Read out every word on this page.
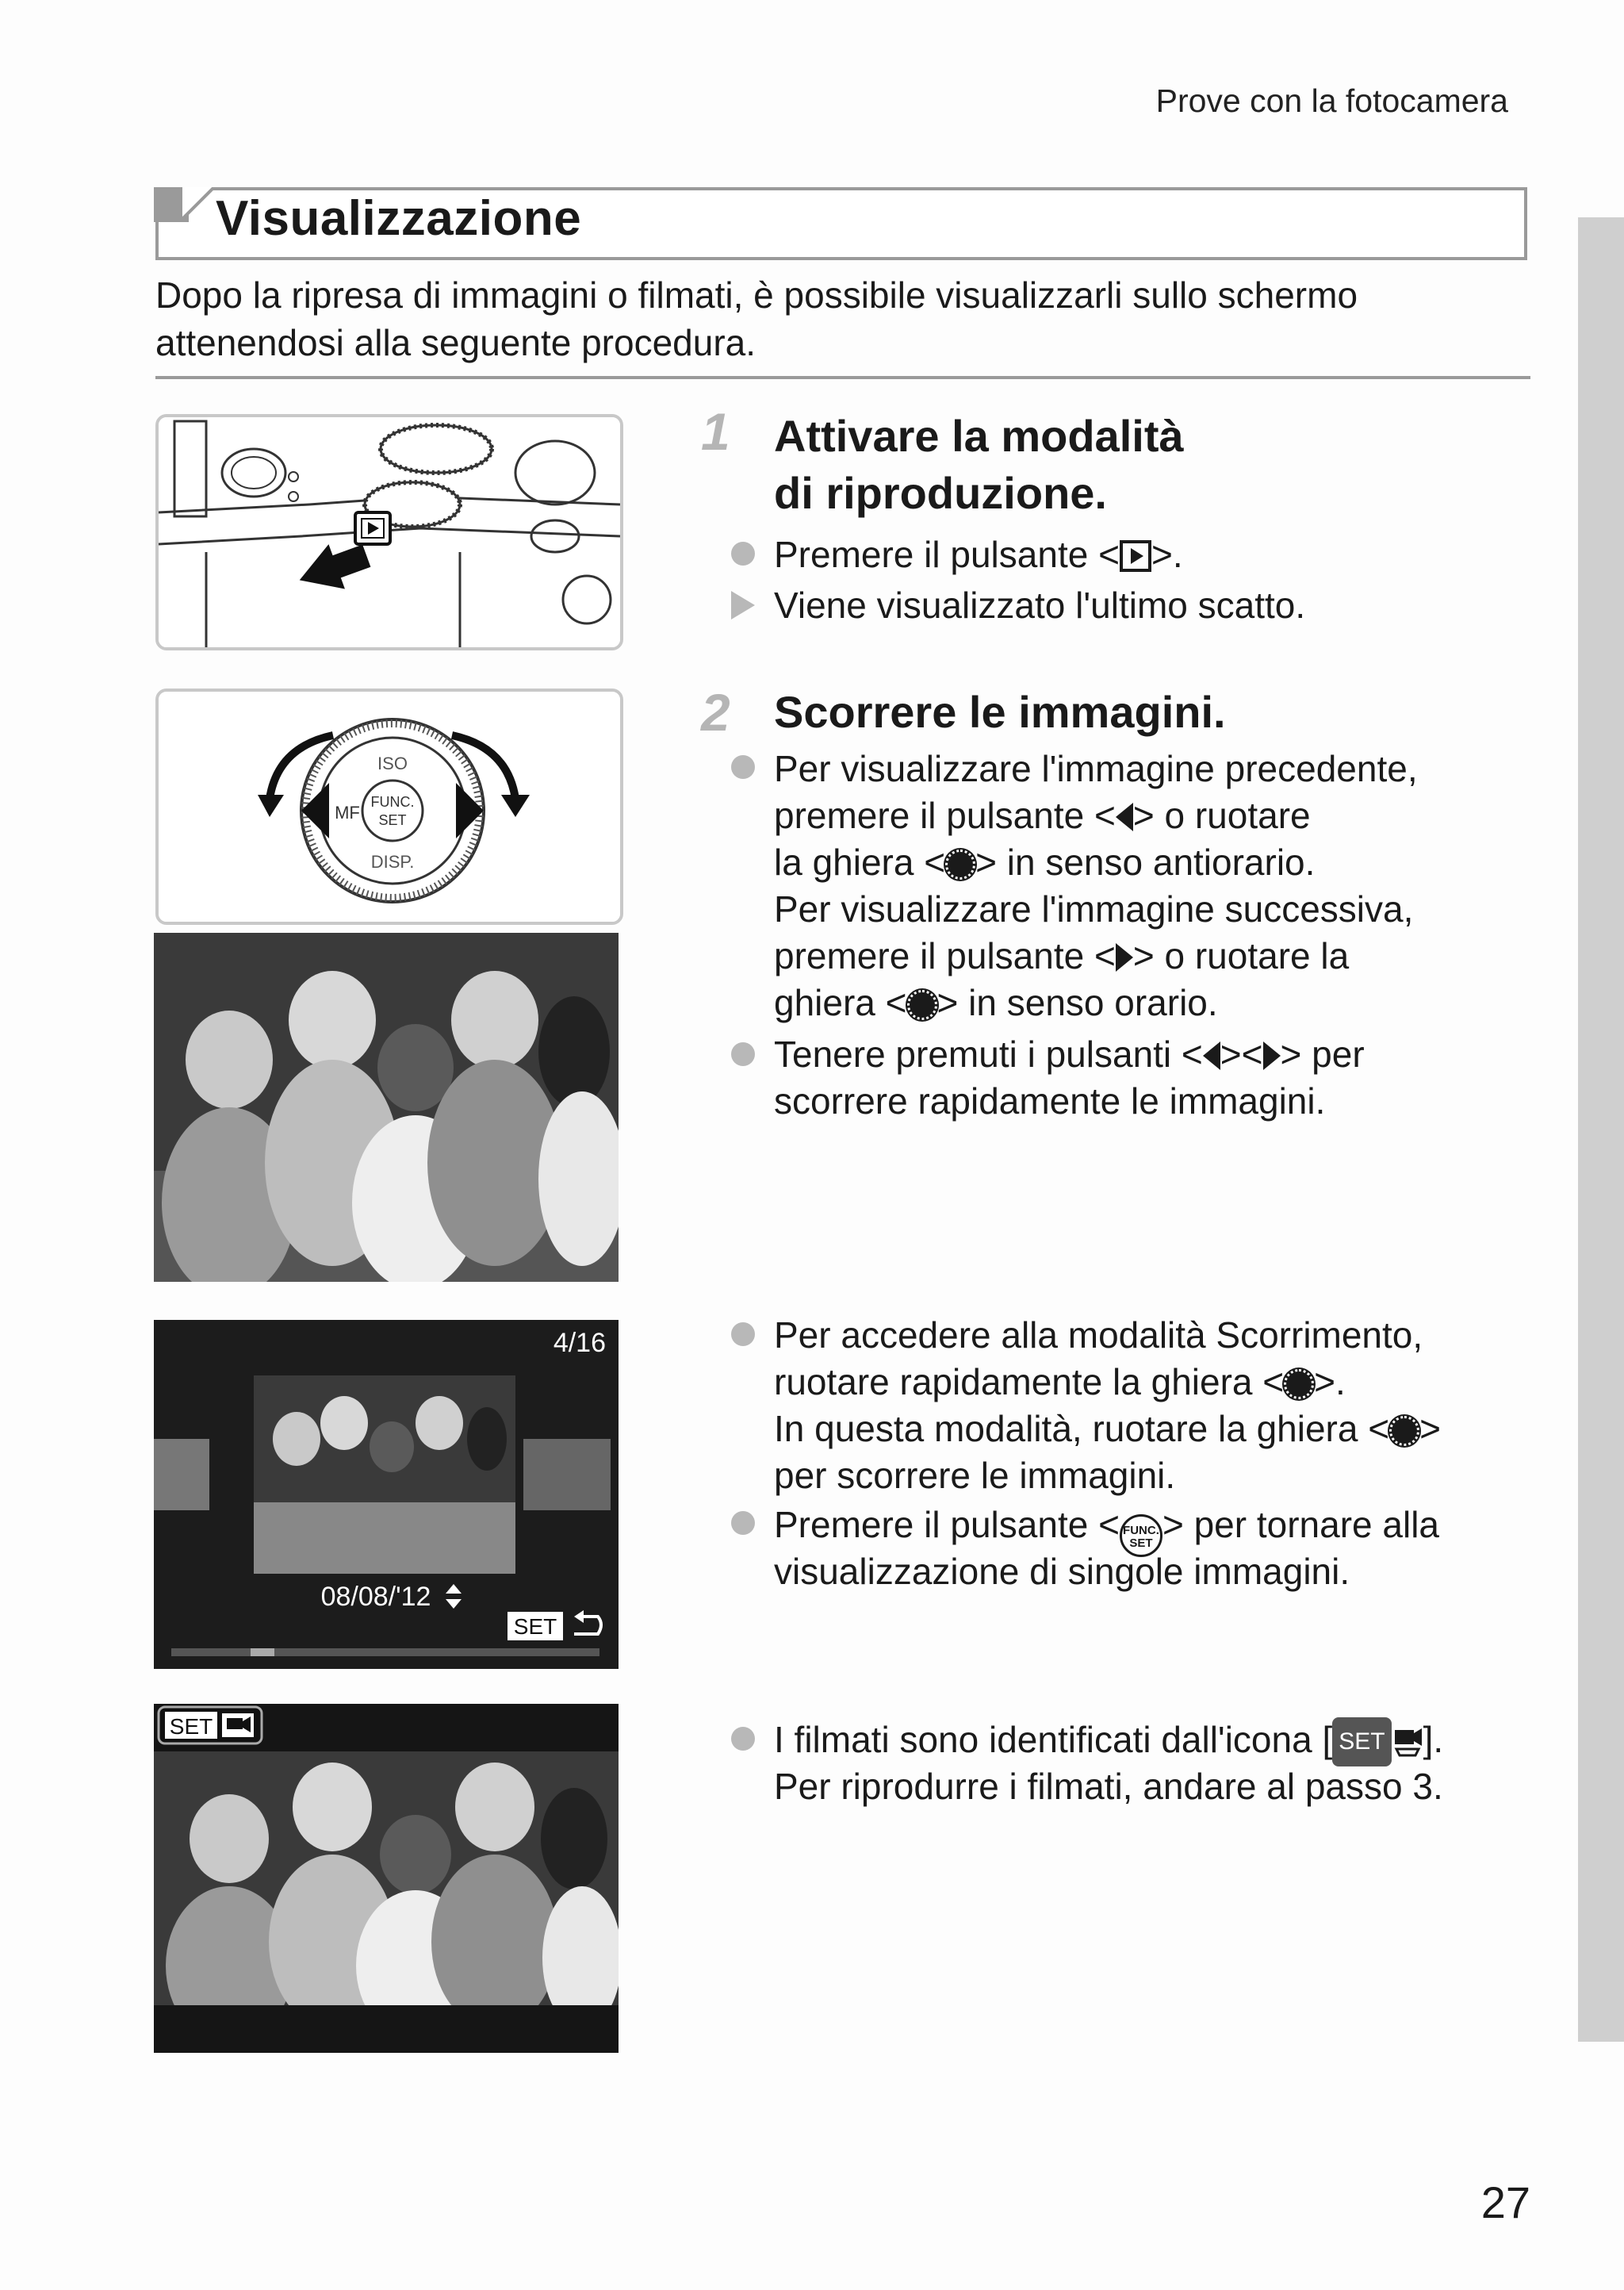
Prove con la fotocamera
Visualizzazione
Dopo la ripresa di immagini o filmati, è possibile visualizzarli sullo schermo attenendosi alla seguente procedura.
ISO
DISP.
MF
FUNC.
SET
4/16
08/08/'12
SET
SET
1 Attivare la modalità
di riproduzione.
Premere il pulsante < >.
Viene visualizzato l'ultimo scatto.
2 Scorrere le immagini.
Per visualizzare l'immagine precedente,
premere il pulsante < > o ruotare
la ghiera < > in senso antiorario.
Per visualizzare l'immagine successiva,
premere il pulsante < > o ruotare la
ghiera < > in senso orario.
Tenere premuti i pulsanti < >< > per
scorrere rapidamente le immagini.
Per accedere alla modalità Scorrimento,
ruotare rapidamente la ghiera < >.
In questa modalità, ruotare la ghiera < >
per scorrere le immagini.
Premere il pulsante < FUNC.
SET > per tornare alla
visualizzazione di singole immagini.
I filmati sono identificati dall'icona [ SET ].
Per riprodurre i filmati, andare al passo 3.
27
